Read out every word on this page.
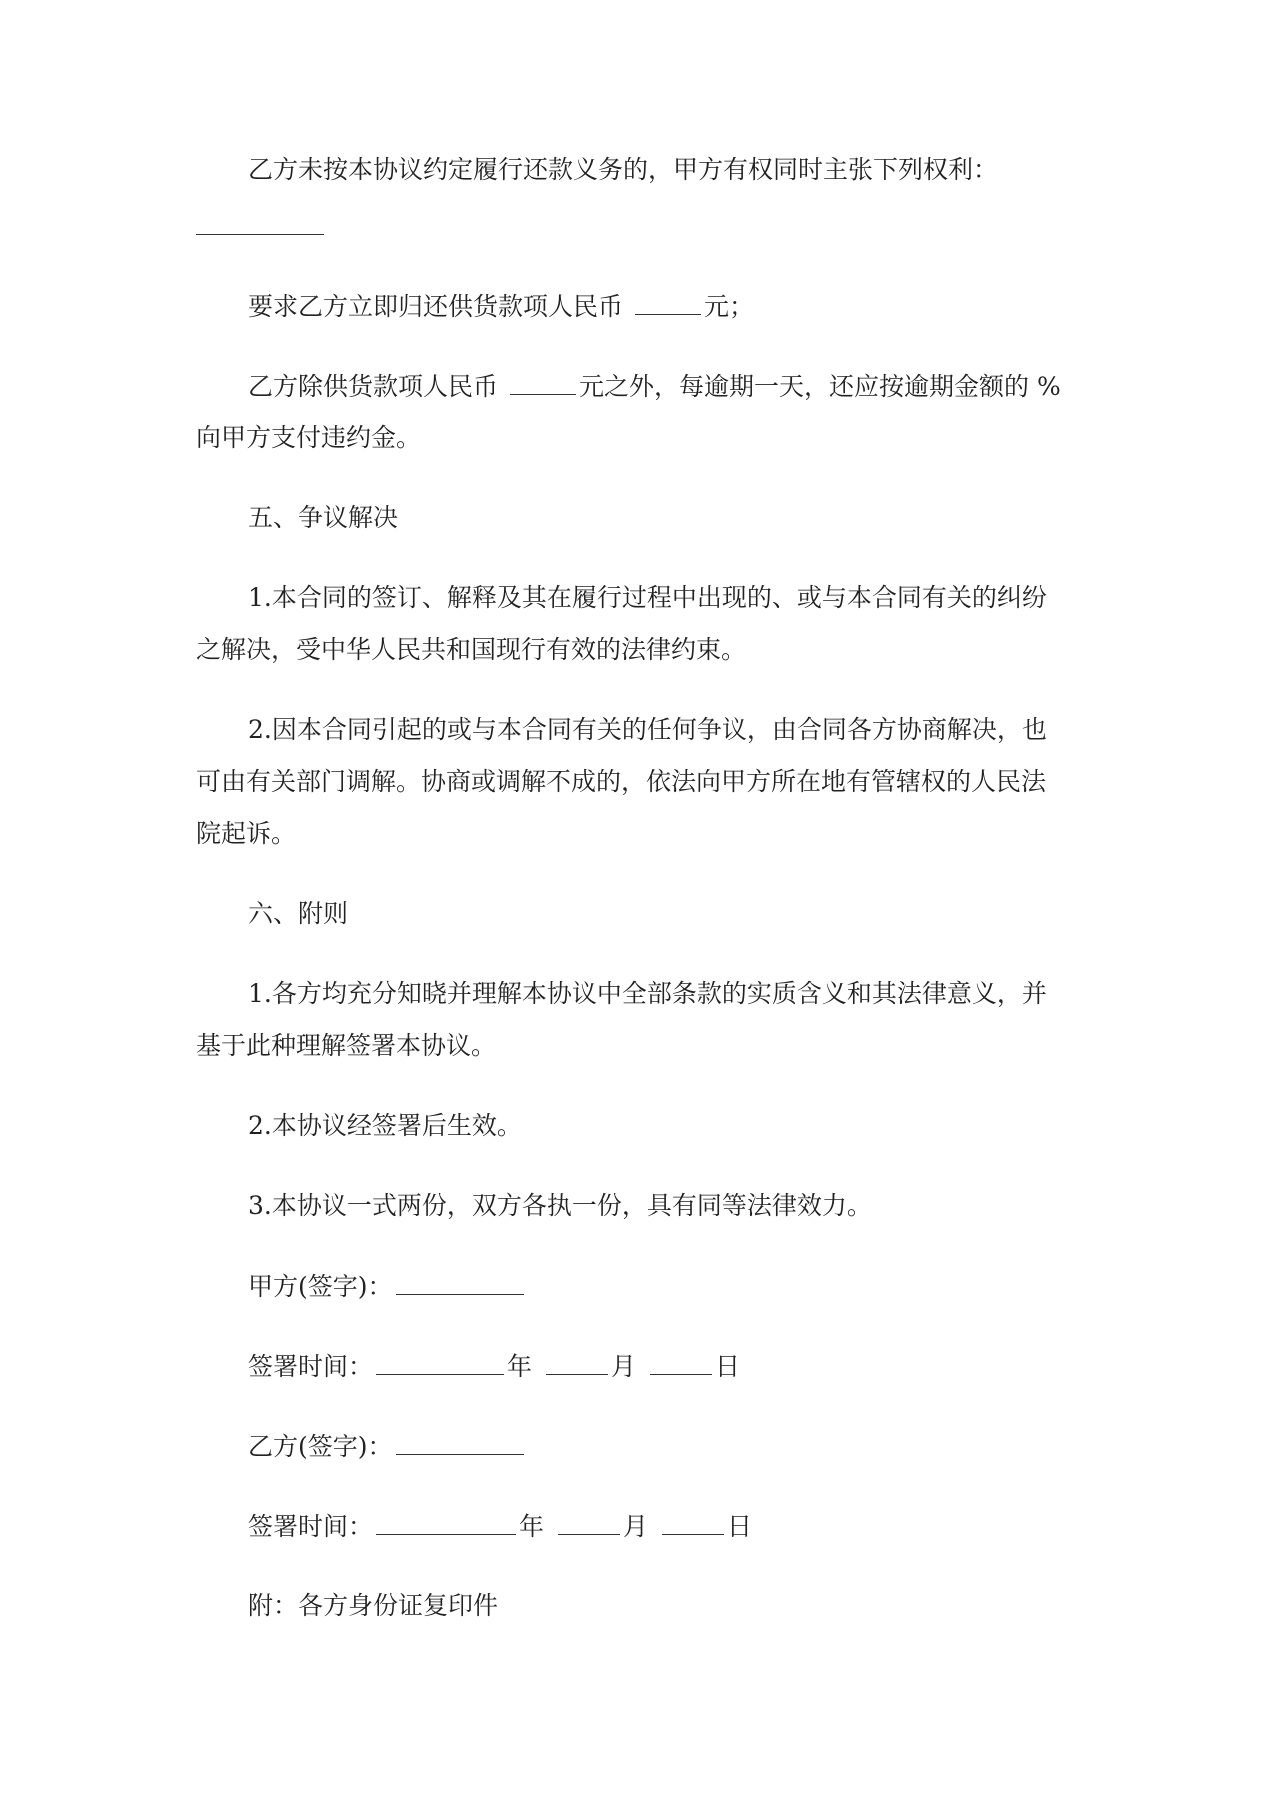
乙方未按本协议约定履行还款义务的，甲方有权同时主张下列权利：

要求乙方立即归还供货款项人民币	元；

乙方除供货款项人民币	元之外，每逾期一天，还应按逾期金额的 %

向甲方支付违约金。

五、争议解决

1.本合同的签订、解释及其在履行过程中出现的、或与本合同有关的纠纷

之解决，受中华人民共和国现行有效的法律约束。

2.因本合同引起的或与本合同有关的任何争议，由合同各方协商解决，也

可由有关部门调解。协商或调解不成的，依法向甲方所在地有管辖权的人民法

院起诉。

六、附则

1.各方均充分知晓并理解本协议中全部条款的实质含义和其法律意义，并

基于此种理解签署本协议。

2.本协议经签署后生效。

3.本协议一式两份，双方各执一份，具有同等法律效力。

甲方(签字)：

签署时间：	年	月	日

乙方(签字)：

签署时间：	年	月	日

附：各方身份证复印件
